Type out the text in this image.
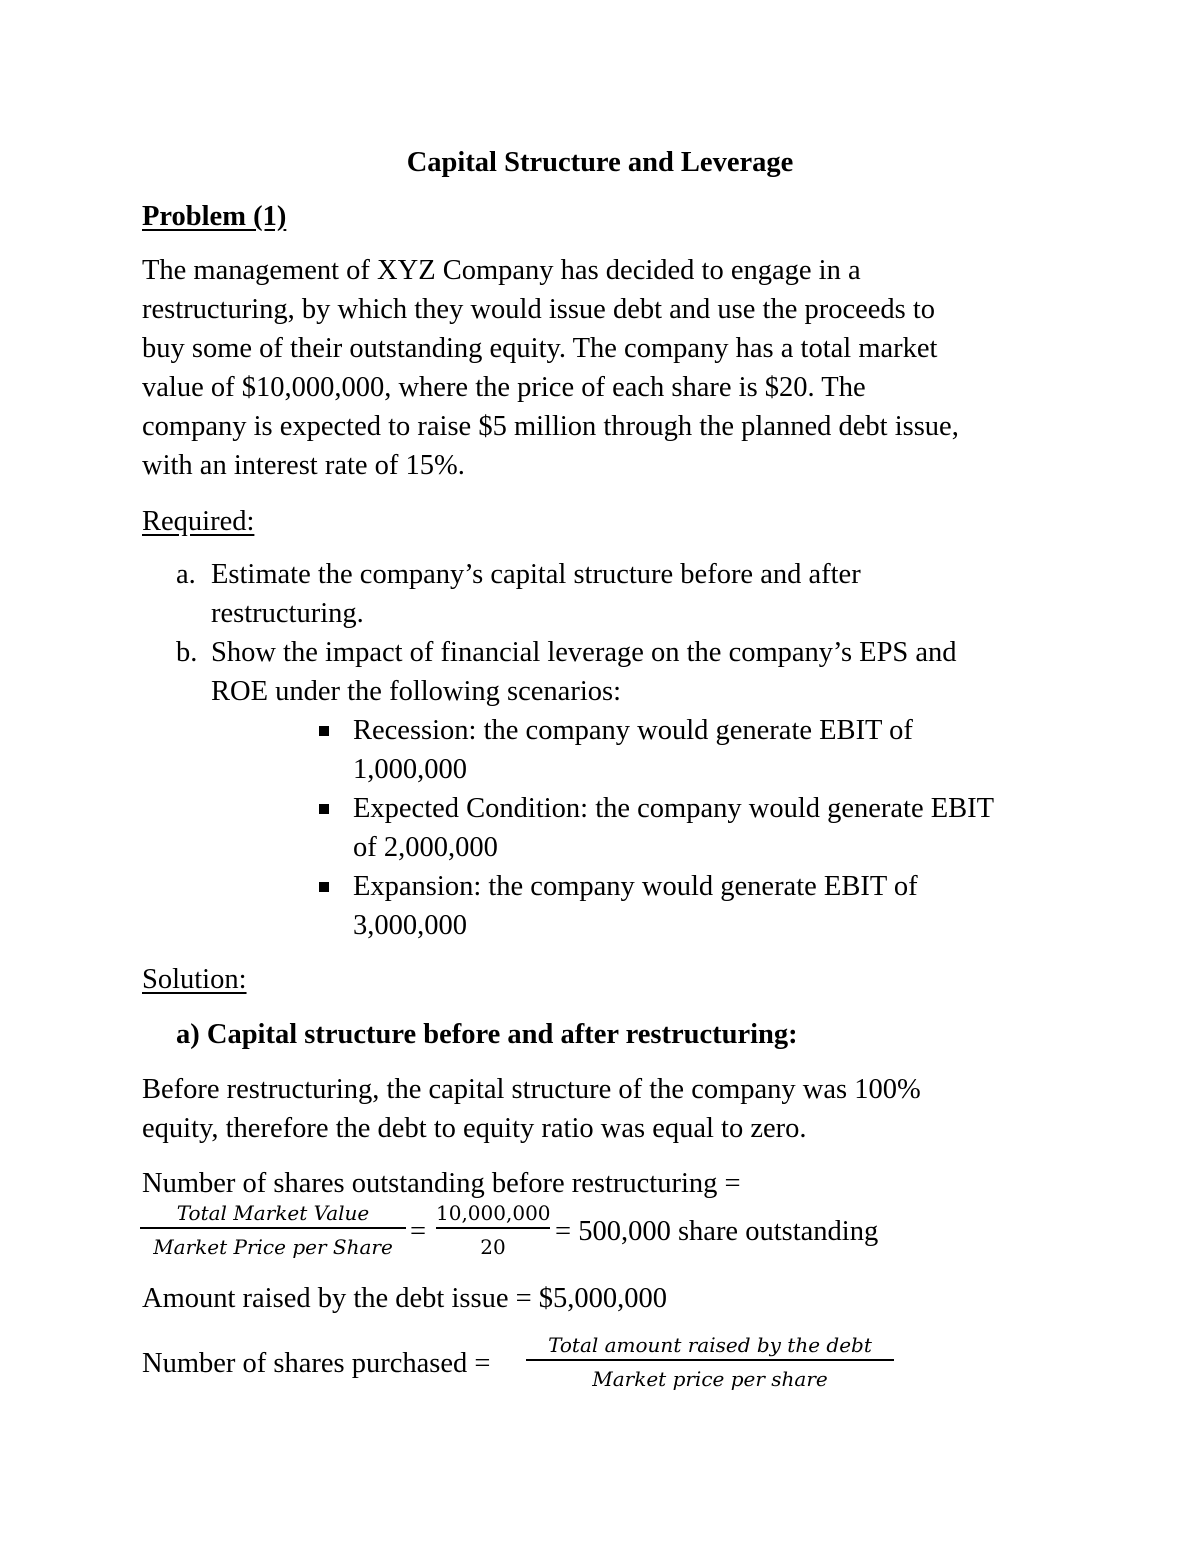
Capital Structure and Leverage
Problem (1)
The management of XYZ Company has decided to engage in a
restructuring, by which they would issue debt and use the proceeds to
buy some of their outstanding equity. The company has a total market
value of $10,000,000, where the price of each share is $20. The
company is expected to raise $5 million through the planned debt issue,
with an interest rate of 15%.
Required:
a. Estimate the company’s capital structure before and after
restructuring.
b. Show the impact of financial leverage on the company’s EPS and
ROE under the following scenarios:
Recession: the company would generate EBIT of
1,000,000
Expected Condition: the company would generate EBIT
of 2,000,000
Expansion: the company would generate EBIT of
3,000,000
Solution:
a) Capital structure before and after restructuring:
Before restructuring, the capital structure of the company was 100%
equity, therefore the debt to equity ratio was equal to zero.
Number of shares outstanding before restructuring =
Total Market Value
Market Price per Share =
10,000,000
20	= 500,000 share outstanding
Amount raised by the debt issue = $5,000,000
Number of shares purchased =
Total amount raised by the debt
Market price per share
